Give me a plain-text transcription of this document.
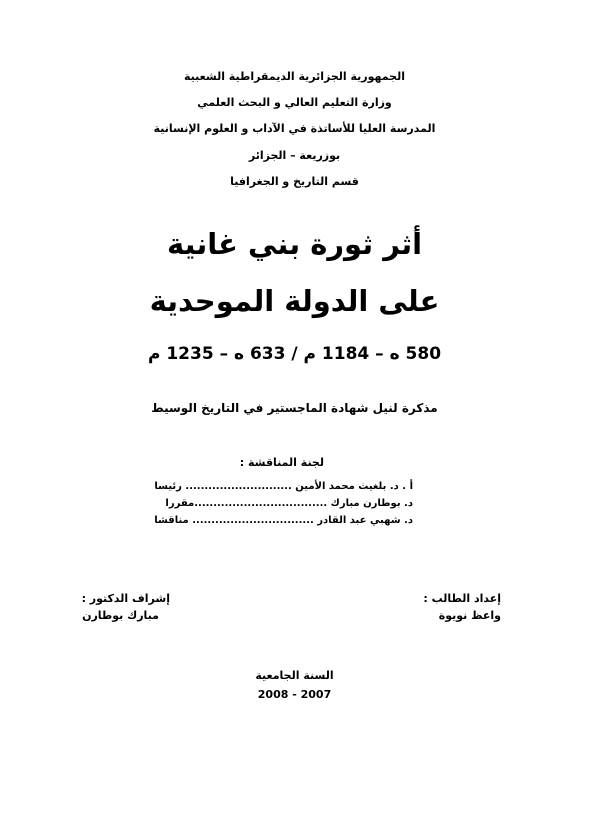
الجمهورية الجزائرية الديمقراطية الشعبية
وزارة التعليم العالي و البحث العلمي
المدرسة العليا للأساتذة في الآداب و العلوم الإنسانية
بوزريعة – الجزائر
قسم التاريخ و الجغرافيا
أثر ثورة بني غانية
على الدولة الموحدية
580 ه – 1184 م / 633 ه – 1235 م
مذكرة لنيل شهادة الماجستير في التاريخ الوسيط
لجنة المناقشة :
أ . د. بلغيث محمد الأمين ............................ رئيسا
د. بوطارن مبارك ...................................مقررا
د. شهبي عبد القادر ................................ مناقشا
إعداد الطالب :
واعظ نويوة
إشراف الدكتور :
مبارك بوطارن
السنة الجامعية
2008 - 2007
